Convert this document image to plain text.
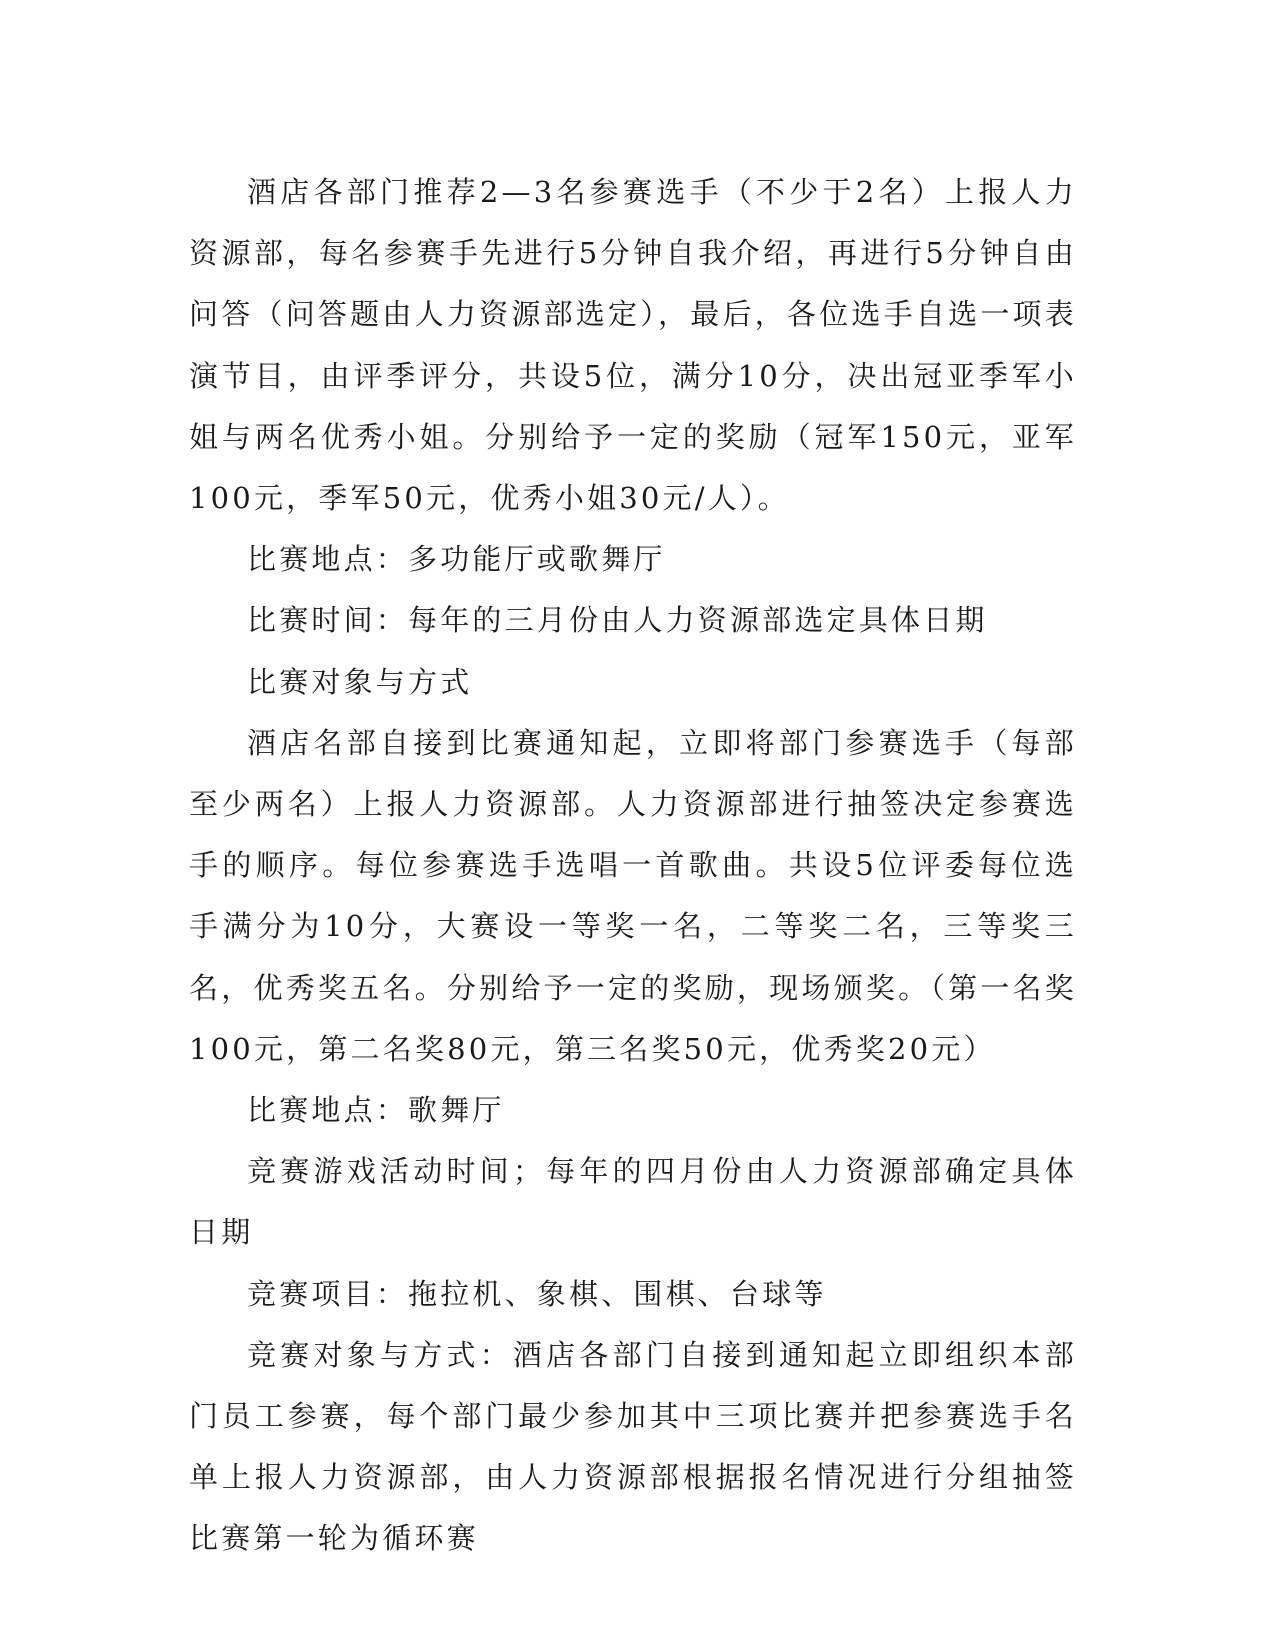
酒店各部门推荐2—3名参赛选手（不少于2名）上报人力资源部，每名参赛手先进行5分钟自我介绍，再进行5分钟自由问答（问答题由人力资源部选定），最后，各位选手自选一项表演节目，由评季评分，共设5位，满分10分，决出冠亚季军小姐与两名优秀小姐。分别给予一定的奖励（冠军150元，亚军100元，季军50元，优秀小姐30元/人）。

比赛地点：多功能厅或歌舞厅

比赛时间：每年的三月份由人力资源部选定具体日期

比赛对象与方式

酒店名部自接到比赛通知起，立即将部门参赛选手（每部至少两名）上报人力资源部。人力资源部进行抽签决定参赛选手的顺序。每位参赛选手选唱一首歌曲。共设5位评委每位选手满分为10分，大赛设一等奖一名，二等奖二名，三等奖三名，优秀奖五名。分别给予一定的奖励，现场颁奖。（第一名奖100元，第二名奖80元，第三名奖50元，优秀奖20元）

比赛地点：歌舞厅

竞赛游戏活动时间；每年的四月份由人力资源部确定具体日期

竞赛项目：拖拉机、象棋、围棋、台球等

竞赛对象与方式：酒店各部门自接到通知起立即组织本部门员工参赛，每个部门最少参加其中三项比赛并把参赛选手名单上报人力资源部，由人力资源部根据报名情况进行分组抽签比赛第一轮为循环赛
